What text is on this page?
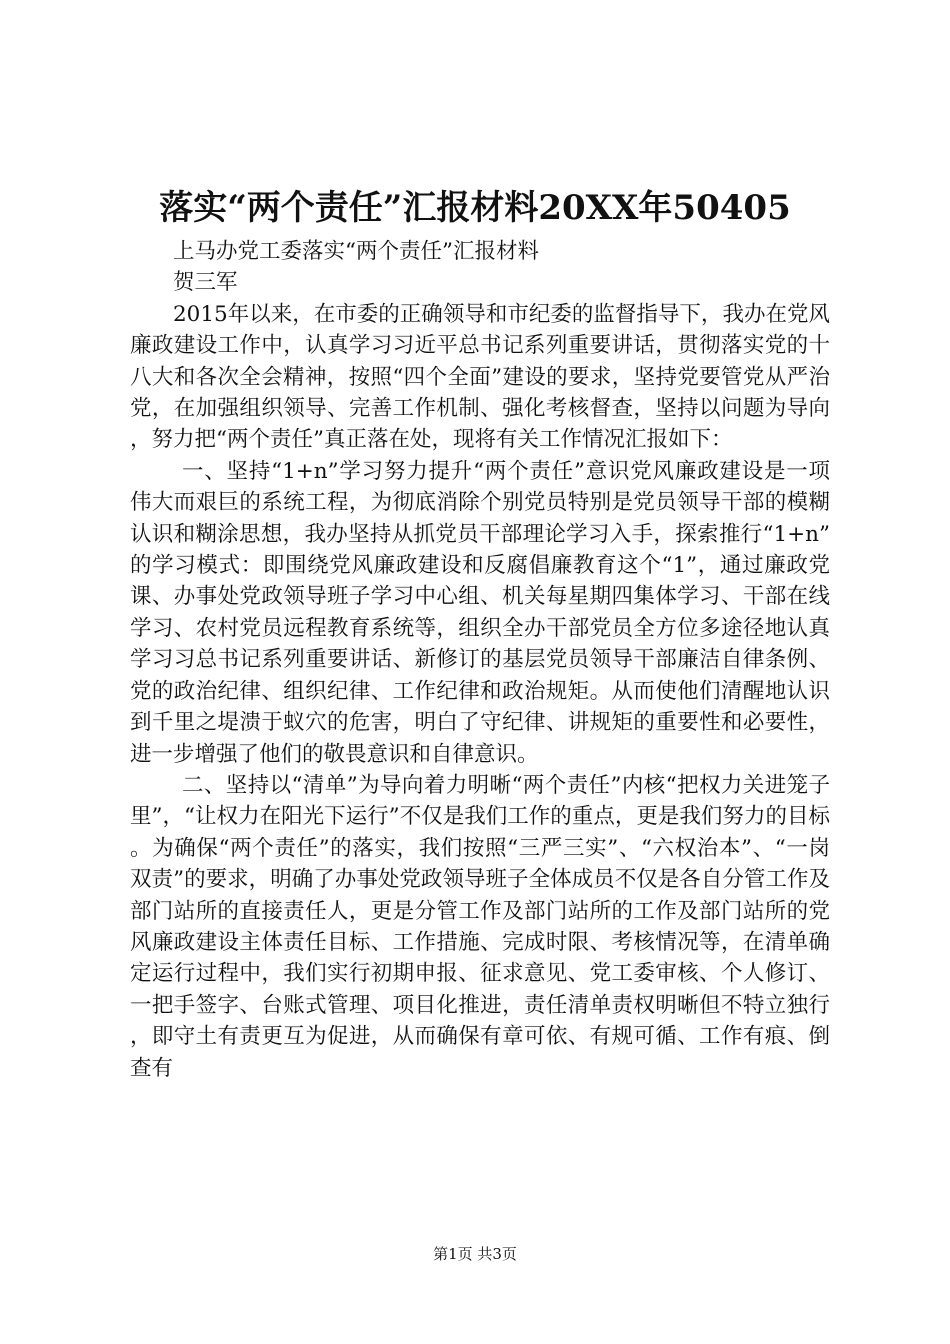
落实“两个责任”汇报材料20XX年50405

上马办党工委落实“两个责任”汇报材料

贺三军

2015年以来，在市委的正确领导和市纪委的监督指导下，我办在党风廉政建设工作中，认真学习习近平总书记系列重要讲话，贯彻落实党的十八大和各次全会精神，按照“四个全面”建设的要求，坚持党要管党从严治党，在加强组织领导、完善工作机制、强化考核督查，坚持以问题为导向，努力把“两个责任”真正落在处，现将有关工作情况汇报如下：

一、坚持“1+n”学习努力提升“两个责任”意识党风廉政建设是一项伟大而艰巨的系统工程，为彻底消除个别党员特别是党员领导干部的模糊认识和糊涂思想，我办坚持从抓党员干部理论学习入手，探索推行“1+n”的学习模式：即围绕党风廉政建设和反腐倡廉教育这个“1”，通过廉政党课、办事处党政领导班子学习中心组、机关每星期四集体学习、干部在线学习、农村党员远程教育系统等，组织全办干部党员全方位多途径地认真学习习总书记系列重要讲话、新修订的基层党员领导干部廉洁自律条例、党的政治纪律、组织纪律、工作纪律和政治规矩。从而使他们清醒地认识到千里之堤溃于蚁穴的危害，明白了守纪律、讲规矩的重要性和必要性，进一步增强了他们的敬畏意识和自律意识。

二、坚持以“清单”为导向着力明晰“两个责任”内核“把权力关进笼子里”，“让权力在阳光下运行”不仅是我们工作的重点，更是我们努力的目标。为确保“两个责任”的落实，我们按照“三严三实”、“六权治本”、“一岗双责”的要求，明确了办事处党政领导班子全体成员不仅是各自分管工作及部门站所的直接责任人，更是分管工作及部门站所的工作及部门站所的党风廉政建设主体责任目标、工作措施、完成时限、考核情况等，在清单确定运行过程中，我们实行初期申报、征求意见、党工委审核、个人修订、一把手签字、台账式管理、项目化推进，责任清单责权明晰但不特立独行，即守土有责更互为促进，从而确保有章可依、有规可循、工作有痕、倒查有

第1页 共3页
